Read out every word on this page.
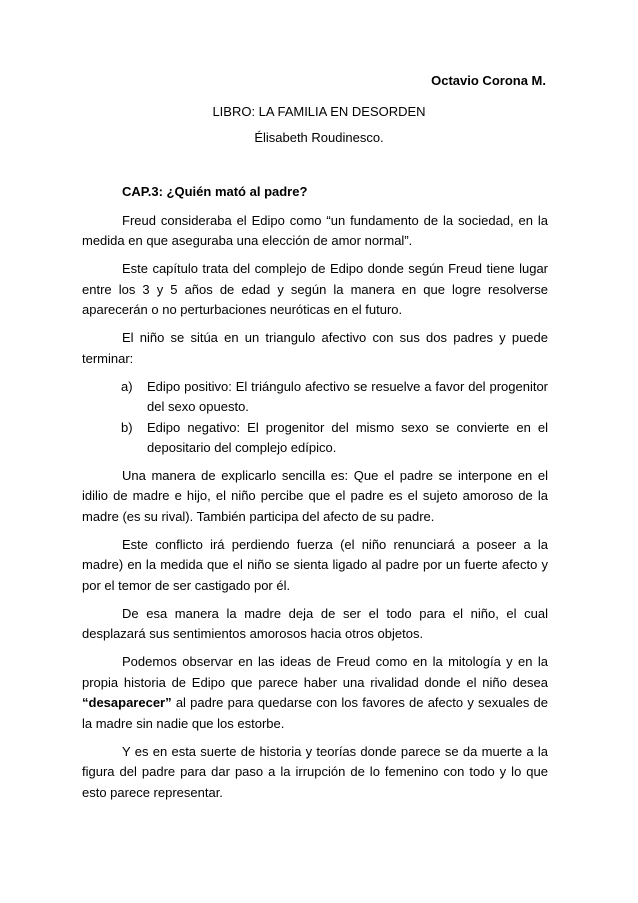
Octavio Corona M.
LIBRO: LA FAMILIA EN DESORDEN
Élisabeth Roudinesco.

CAP.3: ¿Quién mató al padre?

Freud consideraba el Edipo como “un fundamento de la sociedad, en la medida en que aseguraba una elección de amor normal”.

Este capítulo trata del complejo de Edipo donde según Freud tiene lugar entre los 3 y 5 años de edad y según la manera en que logre resolverse aparecerán o no perturbaciones neuróticas en el futuro.

El niño se sitúa en un triangulo afectivo con sus dos padres y puede terminar:

a) Edipo positivo: El triángulo afectivo se resuelve a favor del progenitor del sexo opuesto.
b) Edipo negativo: El progenitor del mismo sexo se convierte en el depositario del complejo edípico.

Una manera de explicarlo sencilla es: Que el padre se interpone en el idilio de madre e hijo, el niño percibe que el padre es el sujeto amoroso de la madre (es su rival). También participa del afecto de su padre.

Este conflicto irá perdiendo fuerza (el niño renunciará a poseer a la madre) en la medida que el niño se sienta ligado al padre por un fuerte afecto y por el temor de ser castigado por él.

De esa manera la madre deja de ser el todo para el niño, el cual desplazará sus sentimientos amorosos hacia otros objetos.

Podemos observar en las ideas de Freud como en la mitología y en la propia historia de Edipo que parece haber una rivalidad donde el niño desea “desaparecer” al padre para quedarse con los favores de afecto y sexuales de la madre sin nadie que los estorbe.

Y es en esta suerte de historia y teorías donde parece se da muerte a la figura del padre para dar paso a la irrupción de lo femenino con todo y lo que esto parece representar.
